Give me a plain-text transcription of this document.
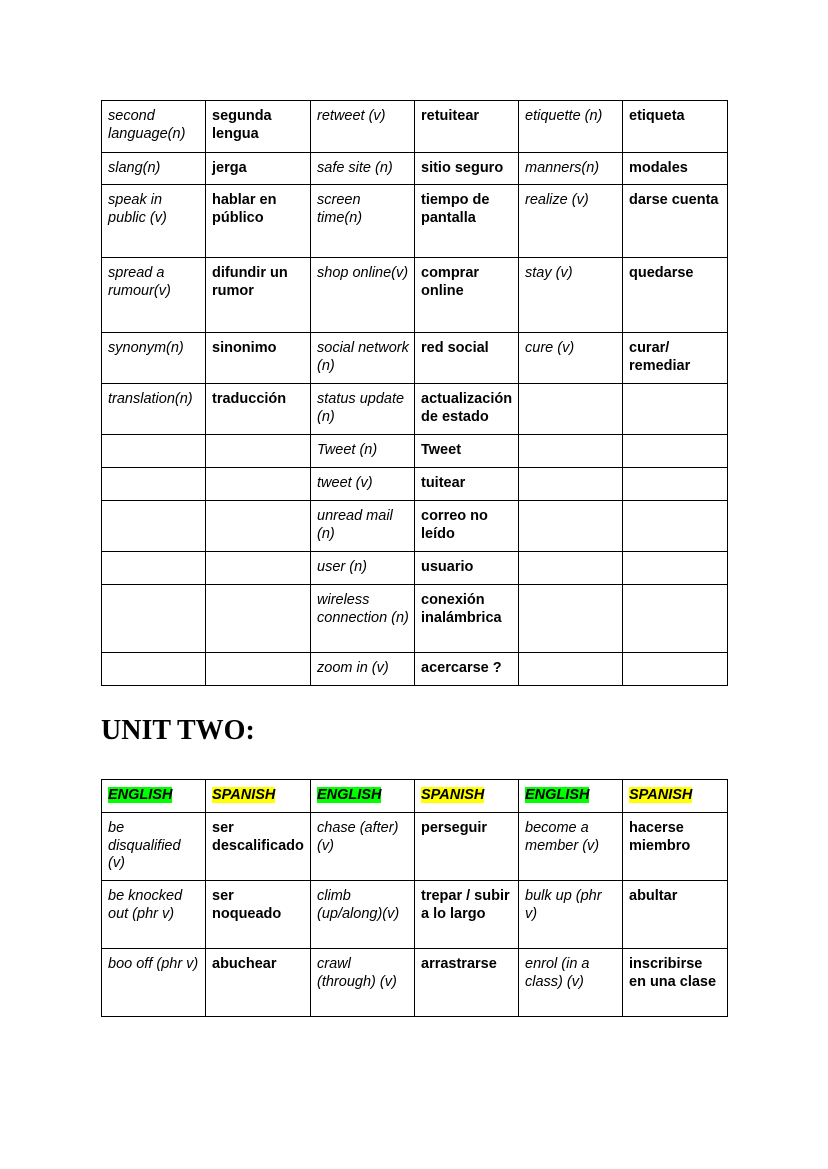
second language(n)	segunda lengua	retweet (v)	retuitear	etiquette (n)	etiqueta
slang(n)	jerga	safe site (n)	sitio seguro	manners(n)	modales
speak in public (v)	hablar en público	screen time(n)	tiempo de pantalla	realize (v)	darse cuenta
spread a rumour(v)	difundir un rumor	shop online(v)	comprar online	stay (v)	quedarse
synonym(n)	sinonimo	social network (n)	red social	cure (v)	curar/ remediar
translation(n)	traducción	status update (n)	actualización de estado		
		Tweet (n)	Tweet		
		tweet (v)	tuitear		
		unread mail (n)	correo no leído		
		user (n)	usuario		
		wireless connection (n)	conexión inalámbrica		
		zoom in (v)	acercarse ?		
UNIT TWO:
ENGLISH	SPANISH	ENGLISH	SPANISH	ENGLISH	SPANISH
be disqualified (v)	ser descalificado	chase (after) (v)	perseguir	become a member (v)	hacerse miembro
be knocked out (phr v)	ser noqueado	climb (up/along)(v)	trepar / subir a lo largo	bulk up (phr v)	abultar
boo off (phr v)	abuchear	crawl (through) (v)	arrastrarse	enrol (in a class) (v)	inscribirse en una clase
